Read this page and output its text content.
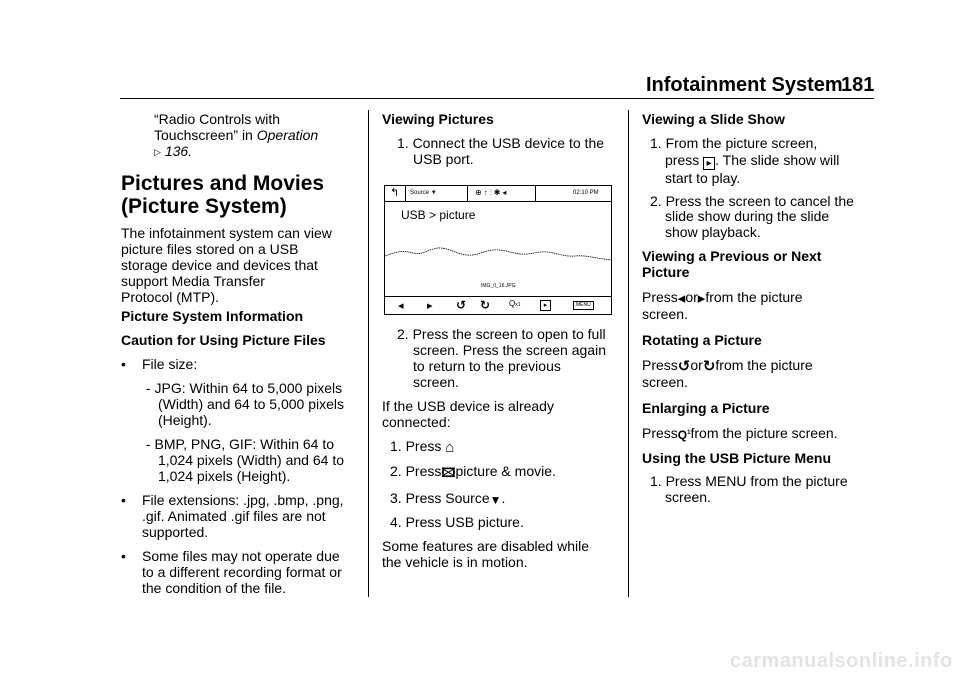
Infotainment System
181
“Radio Controls with
Touchscreen” in Operation
▷ 136.
Pictures and Movies
(Picture System)
The infotainment system can view
picture files stored on a USB
storage device and devices that
support Media Transfer
Protocol (MTP).
Picture System Information
Caution for Using Picture Files
• File size:
- JPG: Within 64 to 5,000 pixels
(Width) and 64 to 5,000 pixels
(Height).
- BMP, PNG, GIF: Within 64 to
1,024 pixels (Width) and 64 to
1,024 pixels (Height).
• File extensions: .jpg, .bmp, .png,
.gif. Animated .gif files are not
supported.
• Some files may not operate due
to a different recording format or
the condition of the file.
Viewing Pictures
1. Connect the USB device to the
USB port.
↰ Source ▼	⊕↑⫶✱◂	02:10 PM
USB > picture
IMG_0_16.JPG
◂ ▸ ↺ ↻ Qx1	▸	MENU
2. Press the screen to open to full
screen. Press the screen again
to return to the previous
screen.
If the USB device is already
connected:
1. Press ⌂
2. Press🖾picture & movie.
3. Press Source▼.
4. Press USB picture.
Some features are disabled while
the vehicle is in motion.
Viewing a Slide Show
1. From the picture screen,
press ▸ . The slide show will
start to play.
2. Press the screen to cancel the
slide show during the slide
show playback.
Viewing a Previous or Next
Picture
Press◂or▸from the picture
screen.
Rotating a Picture
Press↺or↻from the picture
screen.
Enlarging a Picture
PressQ$^1$from the picture screen.
Using the USB Picture Menu
1. Press MENU from the picture
screen.
carmanualsonline.info
